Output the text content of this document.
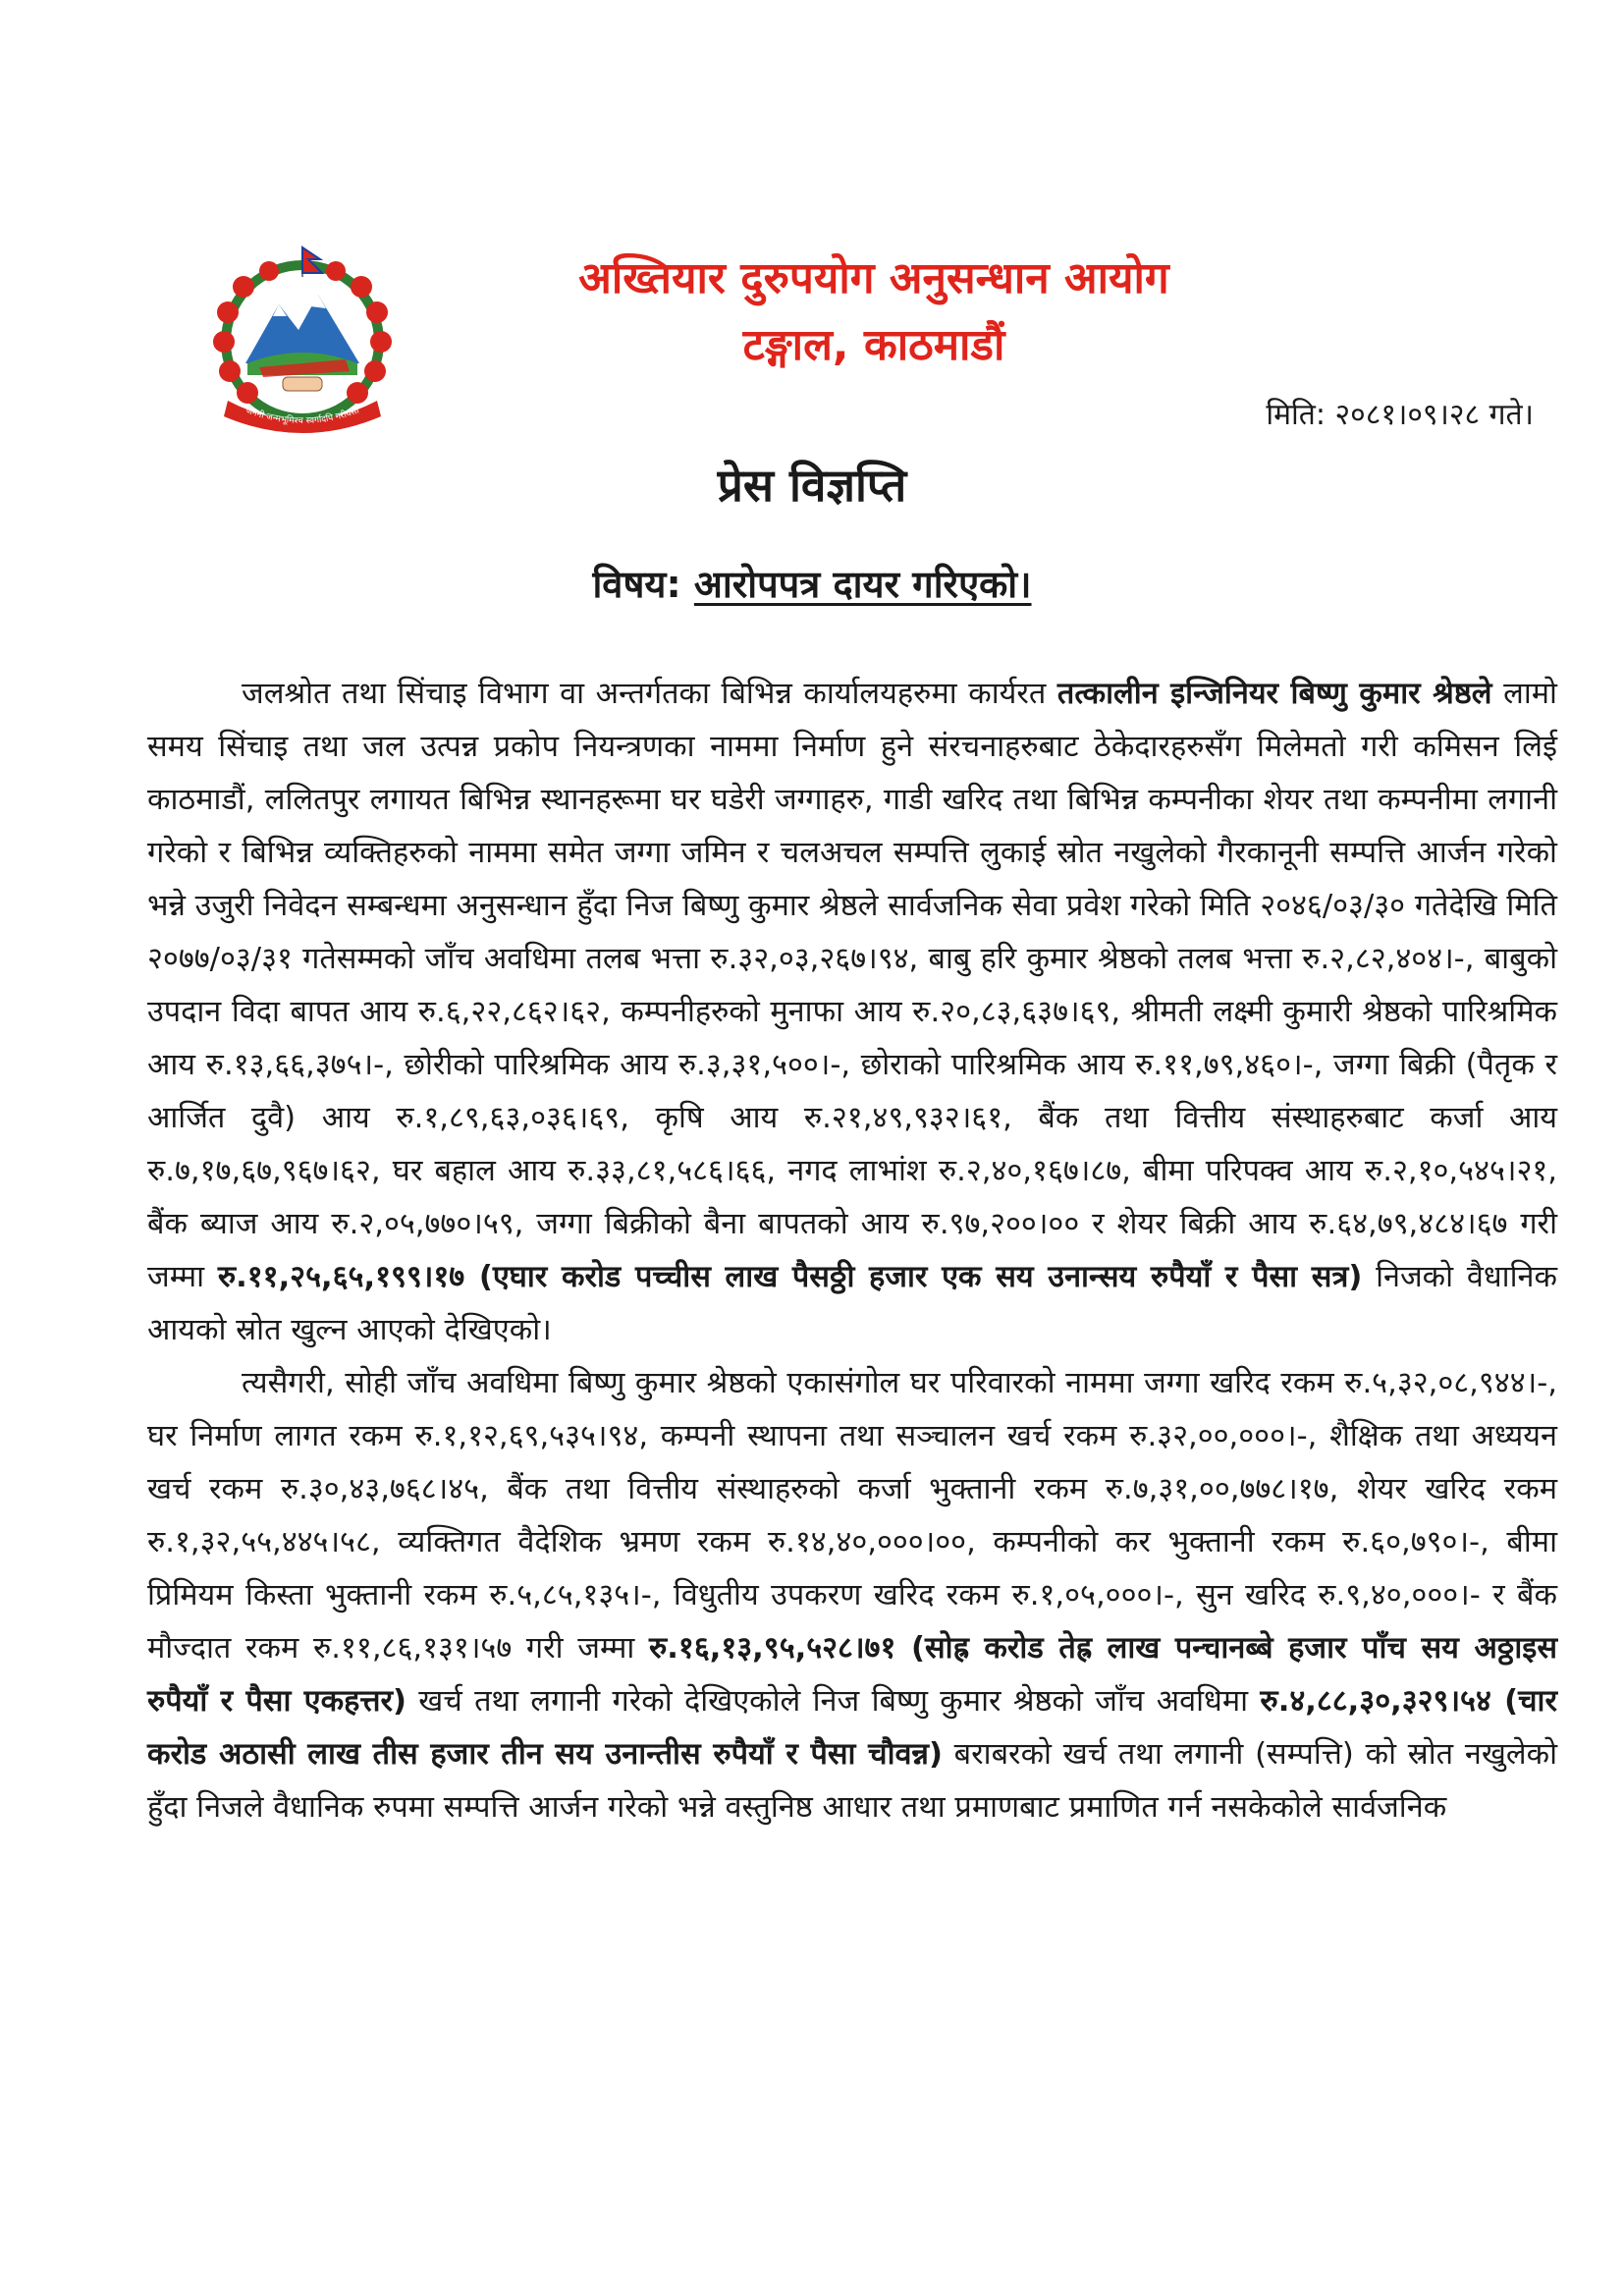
जननी जन्मभूमिश्च स्वर्गादपि गरीयसी
अख्तियार दुरुपयोग अनुसन्धान आयोग
टङ्गाल, काठमाडौं

मिति: २०८१।०९।२८ गते।

प्रेस विज्ञप्ति

विषय: आरोपपत्र दायर गरिएको।

जलश्रोत तथा सिंचाइ विभाग वा अन्तर्गतका बिभिन्न कार्यालयहरुमा कार्यरत तत्कालीन इन्जिनियर बिष्णु कुमार श्रेष्ठले लामो समय सिंचाइ तथा जल उत्पन्न प्रकोप नियन्त्रणका नाममा निर्माण हुने संरचनाहरुबाट ठेकेदारहरुसँग मिलेमतो गरी कमिसन लिई काठमाडौं, ललितपुर लगायत बिभिन्न स्थानहरूमा घर घडेरी जग्गाहरु, गाडी खरिद तथा बिभिन्न कम्पनीका शेयर तथा कम्पनीमा लगानी गरेको र बिभिन्न व्यक्तिहरुको नाममा समेत जग्गा जमिन र चलअचल सम्पत्ति लुकाई स्रोत नखुलेको गैरकानूनी सम्पत्ति आर्जन गरेको भन्ने उजुरी निवेदन सम्बन्धमा अनुसन्धान हुँदा निज बिष्णु कुमार श्रेष्ठले सार्वजनिक सेवा प्रवेश गरेको मिति २०४६/०३/३० गतेदेखि मिति २०७७/०३/३१ गतेसम्मको जाँच अवधिमा तलब भत्ता रु.३२,०३,२६७।९४, बाबु हरि कुमार श्रेष्ठको तलब भत्ता रु.२,८२,४०४।-, बाबुको उपदान विदा बापत आय रु.६,२२,८६२।६२, कम्पनीहरुको मुनाफा आय रु.२०,८३,६३७।६९, श्रीमती लक्ष्मी कुमारी श्रेष्ठको पारिश्रमिक आय रु.१३,६६,३७५।-, छोरीको पारिश्रमिक आय रु.३,३१,५००।-, छोराको पारिश्रमिक आय रु.११,७९,४६०।-, जग्गा बिक्री (पैतृक र आर्जित दुवै) आय रु.१,८९,६३,०३६।६९, कृषि आय रु.२१,४९,९३२।६१, बैंक तथा वित्तीय संस्थाहरुबाट कर्जा आय रु.७,१७,६७,९६७।६२, घर बहाल आय रु.३३,८१,५८६।६६, नगद लाभांश रु.२,४०,१६७।८७, बीमा परिपक्व आय रु.२,१०,५४५।२१, बैंक ब्याज आय रु.२,०५,७७०।५९, जग्गा बिक्रीको बैना बापतको आय रु.९७,२००।०० र शेयर बिक्री आय रु.६४,७९,४८४।६७ गरी जम्मा रु.११,२५,६५,१९९।१७ (एघार करोड पच्चीस लाख पैसठ्ठी हजार एक सय उनान्सय रुपैयाँ र पैसा सत्र) निजको वैधानिक आयको स्रोत खुल्न आएको देखिएको।

त्यसैगरी, सोही जाँच अवधिमा बिष्णु कुमार श्रेष्ठको एकासंगोल घर परिवारको नाममा जग्गा खरिद रकम रु.५,३२,०८,९४४।-, घर निर्माण लागत रकम रु.१,१२,६९,५३५।९४, कम्पनी स्थापना तथा सञ्चालन खर्च रकम रु.३२,००,०००।-, शैक्षिक तथा अध्ययन खर्च रकम रु.३०,४३,७६८।४५, बैंक तथा वित्तीय संस्थाहरुको कर्जा भुक्तानी रकम रु.७,३१,००,७७८।१७, शेयर खरिद रकम रु.१,३२,५५,४४५।५८, व्यक्तिगत वैदेशिक भ्रमण रकम रु.१४,४०,०००।००, कम्पनीको कर भुक्तानी रकम रु.६०,७९०।-, बीमा प्रिमियम किस्ता भुक्तानी रकम रु.५,८५,१३५।-, विधुतीय उपकरण खरिद रकम रु.१,०५,०००।-, सुन खरिद रु.९,४०,०००।- र बैंक मौज्दात रकम रु.११,८६,१३१।५७ गरी जम्मा रु.१६,१३,९५,५२८।७१ (सोह्र करोड तेह्र लाख पन्चानब्बे हजार पाँच सय अठ्ठाइस रुपैयाँ र पैसा एकहत्तर) खर्च तथा लगानी गरेको देखिएकोले निज बिष्णु कुमार श्रेष्ठको जाँच अवधिमा रु.४,८८,३०,३२९।५४ (चार करोड अठासी लाख तीस हजार तीन सय उनान्तीस रुपैयाँ र पैसा चौवन्न) बराबरको खर्च तथा लगानी (सम्पत्ति) को स्रोत नखुलेको हुँदा निजले वैधानिक रुपमा सम्पत्ति आर्जन गरेको भन्ने वस्तुनिष्ठ आधार तथा प्रमाणबाट प्रमाणित गर्न नसकेकोले सार्वजनिक
